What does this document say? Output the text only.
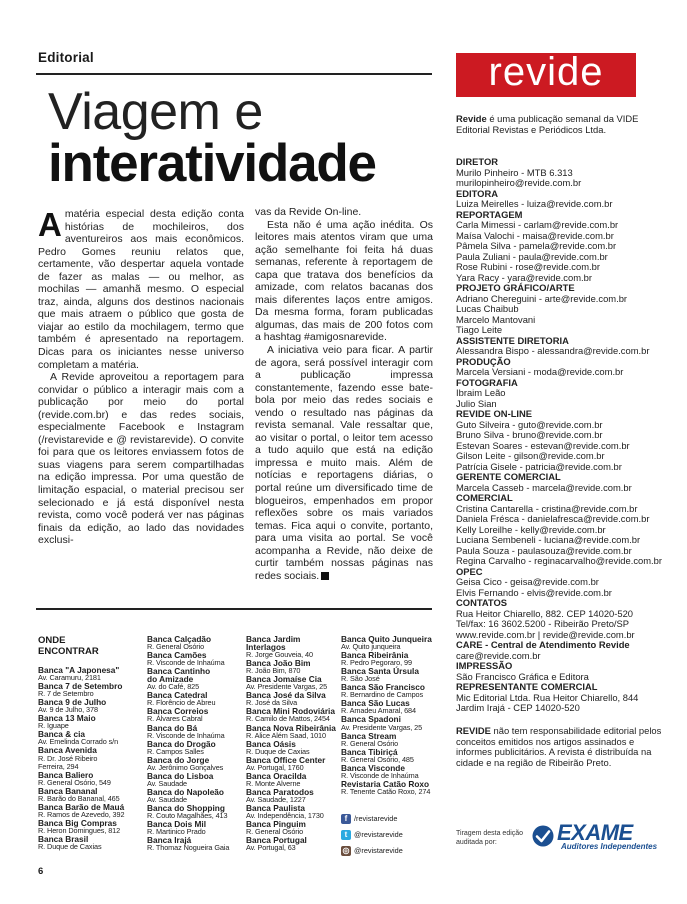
Editorial
Viagem e
interatividade

Amatéria especial desta edição conta histórias de mochileiros, dos aventureiros aos mais econômicos. Pedro Gomes reuniu relatos que, certamente, vão despertar aquela vontade de fazer as malas — ou melhor, as mochilas — amanhã mesmo. O especial traz, ainda, alguns dos destinos nacionais que mais atraem o público que gosta de viajar ao estilo da mochilagem, termo que também é apresentado na reportagem. Dicas para os iniciantes nesse universo completam a matéria.

A Revide aproveitou a reportagem para convidar o público a interagir mais com a publicação por meio do portal (revide.com.br) e das redes sociais, especialmente Facebook e Instagram (/revistarevide e @ revistarevide). O convite foi para que os leitores enviassem fotos de suas viagens para serem compartilhadas na edição impressa. Por uma questão de limitação espacial, o material precisou ser selecionado e já está disponível nesta revista, como você poderá ver nas páginas finais da edição, ao lado das novidades exclusi-

vas da Revide On-line.

Esta não é uma ação inédita. Os leitores mais atentos viram que uma ação semelhante foi feita há duas semanas, referente à reportagem de capa que tratava dos benefícios da amizade, com relatos bacanas dos mais diferentes laços entre amigos. Da mesma forma, foram publicadas algumas, das mais de 200 fotos com a hashtag #amigosnarevide.

A iniciativa veio para ficar. A partir de agora, será possível interagir com a publicação impressa constantemente, fazendo esse bate-bola por meio das redes sociais e vendo o resultado nas páginas da revista semanal. Vale ressaltar que, ao visitar o portal, o leitor tem acesso a tudo aquilo que está na edição impressa e muito mais. Além de notícias e reportagens diárias, o portal reúne um diversificado time de blogueiros, empenhados em propor reflexões sobre os mais variados temas. Fica aqui o convite, portanto, para uma visita ao portal. Se você acompanha a Revide, não deixe de curtir também nossas páginas nas redes sociais.

revide
Revide é uma publicação semanal da VIDE Editorial Revistas e Periódicos Ltda.
DIRETOR
Murilo Pinheiro - MTB 6.313
murilopinheiro@revide.com.br
EDITORA
Luiza Meirelles - luiza@revide.com.br
REPORTAGEM
Carla Mimessi - carlam@revide.com.br
Maísa Valochi - maisa@revide.com.br
Pâmela Silva - pamela@revide.com.br
Paula Zuliani - paula@revide.com.br
Rose Rubini - rose@revide.com.br
Yara Racy - yara@revide.com.br
PROJETO GRÁFICO/ARTE
Adriano Chereguini - arte@revide.com.br
Lucas Chaibub
Marcelo Mantovani
Tiago Leite
ASSISTENTE DIRETORIA
Alessandra Bispo - alessandra@revide.com.br
PRODUÇÃO
Marcela Versiani - moda@revide.com.br
FOTOGRAFIA
Ibraim Leão
Julio Sian
REVIDE ON-LINE
Guto Silveira - guto@revide.com.br
Bruno Silva - bruno@revide.com.br
Estevan Soares - estevan@revide.com.br
Gilson Leite - gilson@revide.com.br
Patrícia Gisele - patricia@revide.com.br
GERENTE COMERCIAL
Marcela Casseb - marcela@revide.com.br
COMERCIAL
Cristina Cantarella - cristina@revide.com.br
Daniela Frésca - danielafresca@revide.com.br
Kelly Loreilhe - kelly@revide.com.br
Luciana Sembeneli - luciana@revide.com.br
Paula Souza - paulasouza@revide.com.br
Regina Carvalho - reginacarvalho@revide.com.br
OPEC
Geisa Cico - geisa@revide.com.br
Elvis Fernando - elvis@revide.com.br
CONTATOS
Rua Heitor Chiarello, 882. CEP 14020-520
Tel/fax: 16 3602.5200 - Ribeirão Preto/SP
www.revide.com.br | revide@revide.com.br
CARE - Central de Atendimento Revide
care@revide.com.br
IMPRESSÃO
São Francisco Gráfica e Editora
REPRESENTANTE COMERCIAL
Mic Editorial Ltda. Rua Heitor Chiarello, 844
Jardim Irajá - CEP 14020-520
REVIDE não tem responsabilidade editorial pelos conceitos emitidos nos artigos assinados e informes publicitários. A revista é distribuída na cidade e na região de Ribeirão Preto.
ONDE ENCONTRAR
Banca "A Japonesa"
Av. Caramuru, 2181
Banca 7 de Setembro
R. 7 de Setembro
Banca 9 de Julho
Av. 9 de Julho, 378
Banca 13 Maio
R. Iguape
Banca & cia
Av. Emelinda Corrado s/n
Banca Avenida
R. Dr. José Ribeiro
Ferreira, 294
Banca Baliero
R. General Osório, 549
Banca Bananal
R. Barão do Bananal, 465
Banca Barão de Mauá
R. Ramos de Azevedo, 392
Banca Big Compras
R. Heron Domingues, 812
Banca Brasil
R. Duque de Caxias
Banca Calçadão
R. General Osório
Banca Camões
R. Visconde de Inhaúma
Banca Cantinho
do Amizade
Av. do Café, 825
Banca Catedral
R. Florêncio de Abreu
Banca Correios
R. Álvares Cabral
Banca do Bá
R. Visconde de Inhaúma
Banca do Drogão
R. Campos Salles
Banca do Jorge
Av. Jerônimo Gonçalves
Banca do Lisboa
Av. Saudade
Banca do Napoleão
Av. Saudade
Banca do Shopping
R. Couto Magalhães, 413
Banca Dois Mil
R. Martinico Prado
Banca Irajá
R. Thomaz Nogueira Gaia
Banca Jardim
Interlagos
R. Jorge Gouveia, 40
Banca João Bim
R. João Bim, 870
Banca Jomaíse Cia
Av. Presidente Vargas, 25
Banca José da Silva
R. José da Silva
Banca Mini Rodoviária
R. Camilo de Mattos, 2454
Banca Nova Ribeirânia
R. Alice Além Saad, 1010
Banca Oásis
R. Duque de Caxias
Banca Office Center
Av. Portugal, 1760
Banca Oracilda
R. Monte Alverne
Banca Paratodos
Av. Saudade, 1227
Banca Paulista
Av. Independência, 1730
Banca Pinguim
R. General Osório
Banca Portugal
Av. Portugal, 63
Banca Quito Junqueira
Av. Quito junqueira
Banca Ribeirânia
R. Pedro Pegoraro, 99
Banca Santa Úrsula
R. São José
Banca São Francisco
R. Bernardino de Campos
Banca São Lucas
R. Amadeu Amaral, 684
Banca Spadoni
Av. Presidente Vargas, 25
Banca Stream
R. General Osório
Banca Tibiriçá
R. General Osório, 485
Banca Visconde
R. Visconde de Inhaúma
Revistaria Catão Roxo
R. Tenente Catão Roxo, 274
f /revistarevide
t @revistarevide
◎ @revistarevide
Tiragem desta edição auditada por:	EXAME
Auditores Independentes
6
